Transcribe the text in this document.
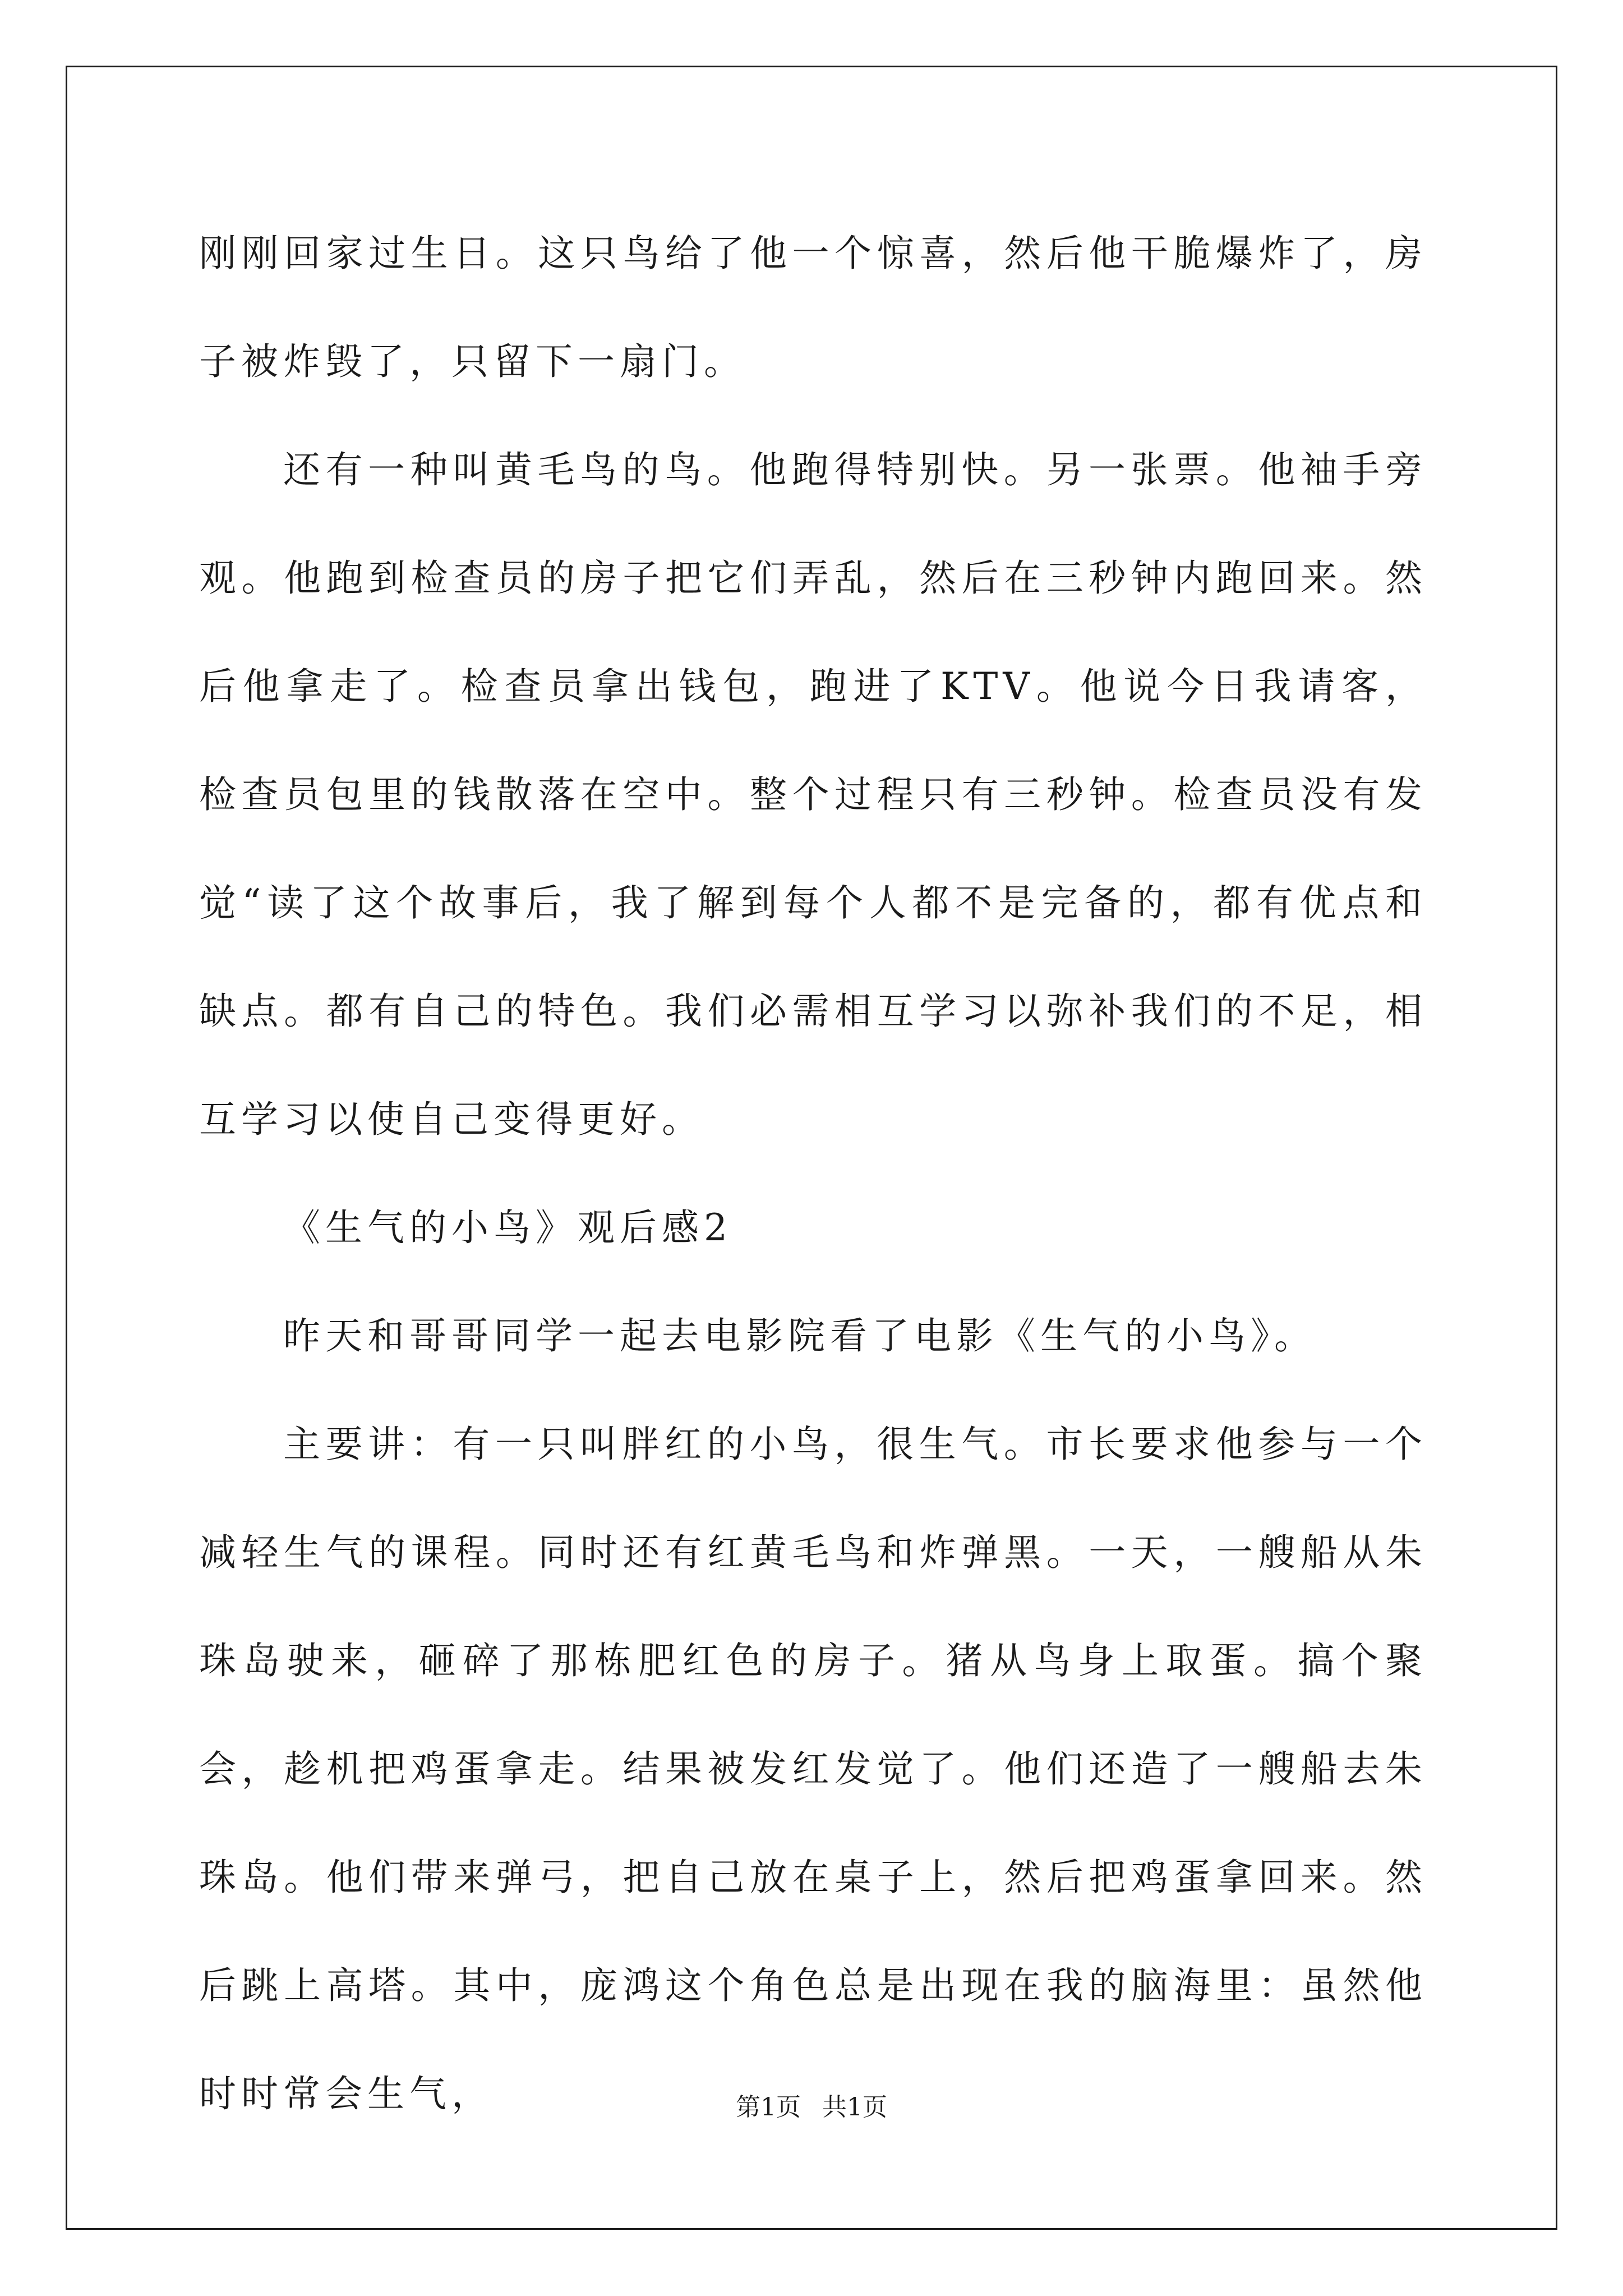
刚刚回家过生日。这只鸟给了他一个惊喜，然后他干脆爆炸了，房子被炸毁了，只留下一扇门。

还有一种叫黄毛鸟的鸟。他跑得特别快。另一张票。他袖手旁观。他跑到检查员的房子把它们弄乱，然后在三秒钟内跑回来。然后他拿走了。检查员拿出钱包，跑进了KTV。他说今日我请客，检查员包里的钱散落在空中。整个过程只有三秒钟。检查员没有发觉“读了这个故事后，我了解到每个人都不是完备的，都有优点和缺点。都有自己的特色。我们必需相互学习以弥补我们的不足，相互学习以使自己变得更好。

《生气的小鸟》观后感2

昨天和哥哥同学一起去电影院看了电影《生气的小鸟》。

主要讲：有一只叫胖红的小鸟，很生气。市长要求他参与一个减轻生气的课程。同时还有红黄毛鸟和炸弹黑。一天，一艘船从朱珠岛驶来，砸碎了那栋肥红色的房子。猪从鸟身上取蛋。搞个聚会，趁机把鸡蛋拿走。结果被发红发觉了。他们还造了一艘船去朱珠岛。他们带来弹弓，把自己放在桌子上，然后把鸡蛋拿回来。然后跳上高塔。其中，庞鸿这个角色总是出现在我的脑海里：虽然他时时常会生气，	第1页 共1页
